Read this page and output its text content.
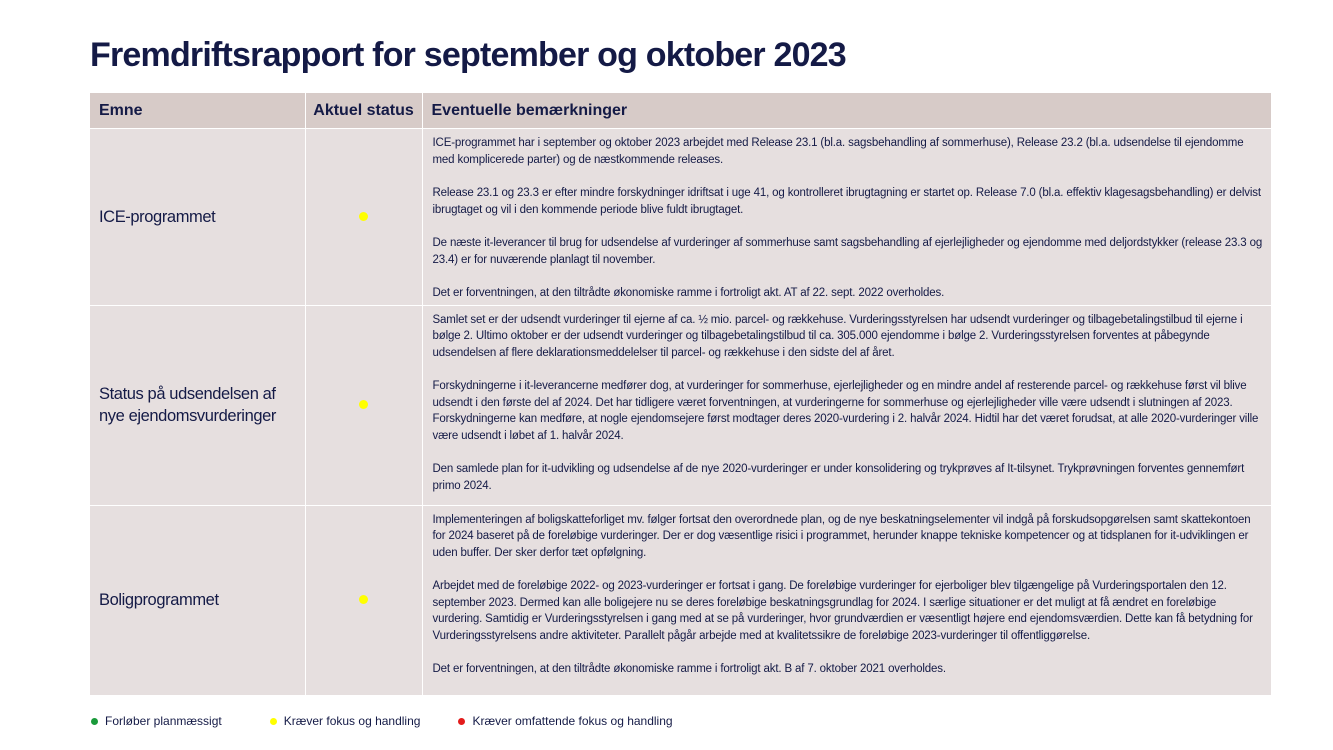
Fremdriftsrapport for september og oktober 2023
Emne	Aktuel status	Eventuelle bemærkninger
ICE-programmet		ICE-programmet har i september og oktober 2023 arbejdet med Release 23.1 (bl.a. sagsbehandling af sommerhuse), Release 23.2 (bl.a. udsendelse til ejendomme med komplicerede parter) og de næstkommende releases.

Release 23.1 og 23.3 er efter mindre forskydninger idriftsat i uge 41, og kontrolleret ibrugtagning er startet op. Release 7.0 (bl.a. effektiv klagesagsbehandling) er delvist ibrugtaget og vil i den kommende periode blive fuldt ibrugtaget.

De næste it-leverancer til brug for udsendelse af vurderinger af sommerhuse samt sagsbehandling af ejerlejligheder og ejendomme med deljordstykker (release 23.3 og 23.4) er for nuværende planlagt til november.

Det er forventningen, at den tiltrådte økonomiske ramme i fortroligt akt. AT af 22. sept. 2022 overholdes.

Status på udsendelsen af nye ejendomsvurderinger		Samlet set er der udsendt vurderinger til ejerne af ca. ½ mio. parcel- og rækkehuse. Vurderingsstyrelsen har udsendt vurderinger og tilbagebetalingstilbud til ejerne i bølge 2. Ultimo oktober er der udsendt vurderinger og tilbagebetalingstilbud til ca. 305.000 ejendomme i bølge 2. Vurderingsstyrelsen forventes at påbegynde udsendelsen af flere deklarationsmeddelelser til parcel- og rækkehuse i den sidste del af året.

Forskydningerne i it-leverancerne medfører dog, at vurderinger for sommerhuse, ejerlejligheder og en mindre andel af resterende parcel- og rækkehuse først vil blive udsendt i den første del af 2024. Det har tidligere været forventningen, at vurderingerne for sommerhuse og ejerlejligheder ville være udsendt i slutningen af 2023. Forskydningerne kan medføre, at nogle ejendomsejere først modtager deres 2020-vurdering i 2. halvår 2024. Hidtil har det været forudsat, at alle 2020-vurderinger ville være udsendt i løbet af 1. halvår 2024.

Den samlede plan for it-udvikling og udsendelse af de nye 2020-vurderinger er under konsolidering og trykprøves af It-tilsynet. Trykprøvningen forventes gennemført primo 2024.

Boligprogrammet		Implementeringen af boligskatteforliget mv. følger fortsat den overordnede plan, og de nye beskatningselementer vil indgå på forskudsopgørelsen samt skattekontoen for 2024 baseret på de foreløbige vurderinger. Der er dog væsentlige risici i programmet, herunder knappe tekniske kompetencer og at tidsplanen for it-udviklingen er uden buffer. Der sker derfor tæt opfølgning.

Arbejdet med de foreløbige 2022- og 2023-vurderinger er fortsat i gang. De foreløbige vurderinger for ejerboliger blev tilgængelige på Vurderingsportalen den 12. september 2023. Dermed kan alle boligejere nu se deres foreløbige beskatningsgrundlag for 2024. I særlige situationer er det muligt at få ændret en foreløbige vurdering. Samtidig er Vurderingsstyrelsen i gang med at se på vurderinger, hvor grundværdien er væsentligt højere end ejendomsværdien. Dette kan få betydning for Vurderingsstyrelsens andre aktiviteter. Parallelt pågår arbejde med at kvalitetssikre de foreløbige 2023-vurderinger til offentliggørelse.

Det er forventningen, at den tiltrådte økonomiske ramme i fortroligt akt. B af 7. oktober 2021 overholdes.

Forløber planmæssigt	Kræver fokus og handling	Kræver omfattende fokus og handling
